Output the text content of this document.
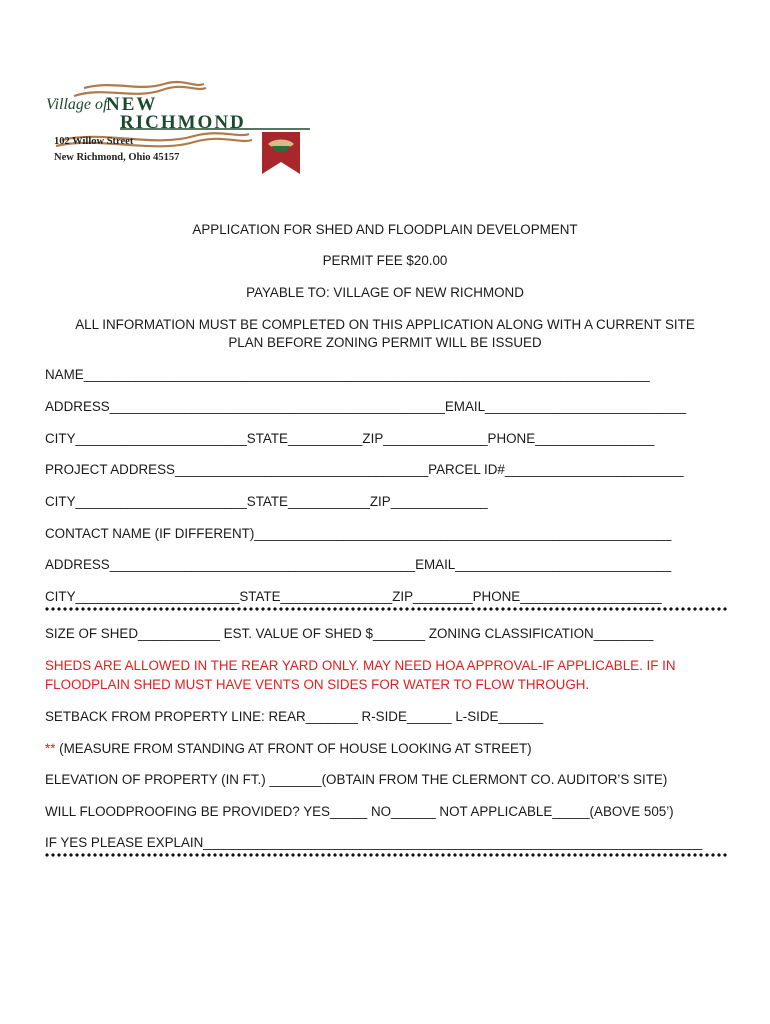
Village of
NEW
RICHMOND
102 Willow Street
New Richmond, Ohio 45157
APPLICATION FOR SHED AND FLOODPLAIN DEVELOPMENT
PERMIT FEE $20.00
PAYABLE TO: VILLAGE OF NEW RICHMOND
ALL INFORMATION MUST BE COMPLETED ON THIS APPLICATION ALONG WITH A CURRENT SITE
PLAN BEFORE ZONING PERMIT WILL BE ISSUED
NAME____________________________________________________________________________
ADDRESS_____________________________________________EMAIL___________________________
CITY_______________________STATE__________ZIP______________PHONE________________
PROJECT ADDRESS__________________________________PARCEL ID#________________________
CITY_______________________STATE___________ZIP_____________
CONTACT NAME (IF DIFFERENT)________________________________________________________
ADDRESS_________________________________________EMAIL_____________________________
CITY______________________STATE_______________ZIP________PHONE___________________
SIZE OF SHED___________ EST. VALUE OF SHED $_______ ZONING CLASSIFICATION________
SHEDS ARE ALLOWED IN THE REAR YARD ONLY. MAY NEED HOA APPROVAL-IF APPLICABLE. IF IN
FLOODPLAIN SHED MUST HAVE VENTS ON SIDES FOR WATER TO FLOW THROUGH.
SETBACK FROM PROPERTY LINE: REAR_______ R-SIDE______ L-SIDE______
** (MEASURE FROM STANDING AT FRONT OF HOUSE LOOKING AT STREET)
ELEVATION OF PROPERTY (IN FT.) _______(OBTAIN FROM THE CLERMONT CO. AUDITOR’S SITE)
WILL FLOODPROOFING BE PROVIDED? YES_____ NO______ NOT APPLICABLE_____(ABOVE 505’)
IF YES PLEASE EXPLAIN___________________________________________________________________
